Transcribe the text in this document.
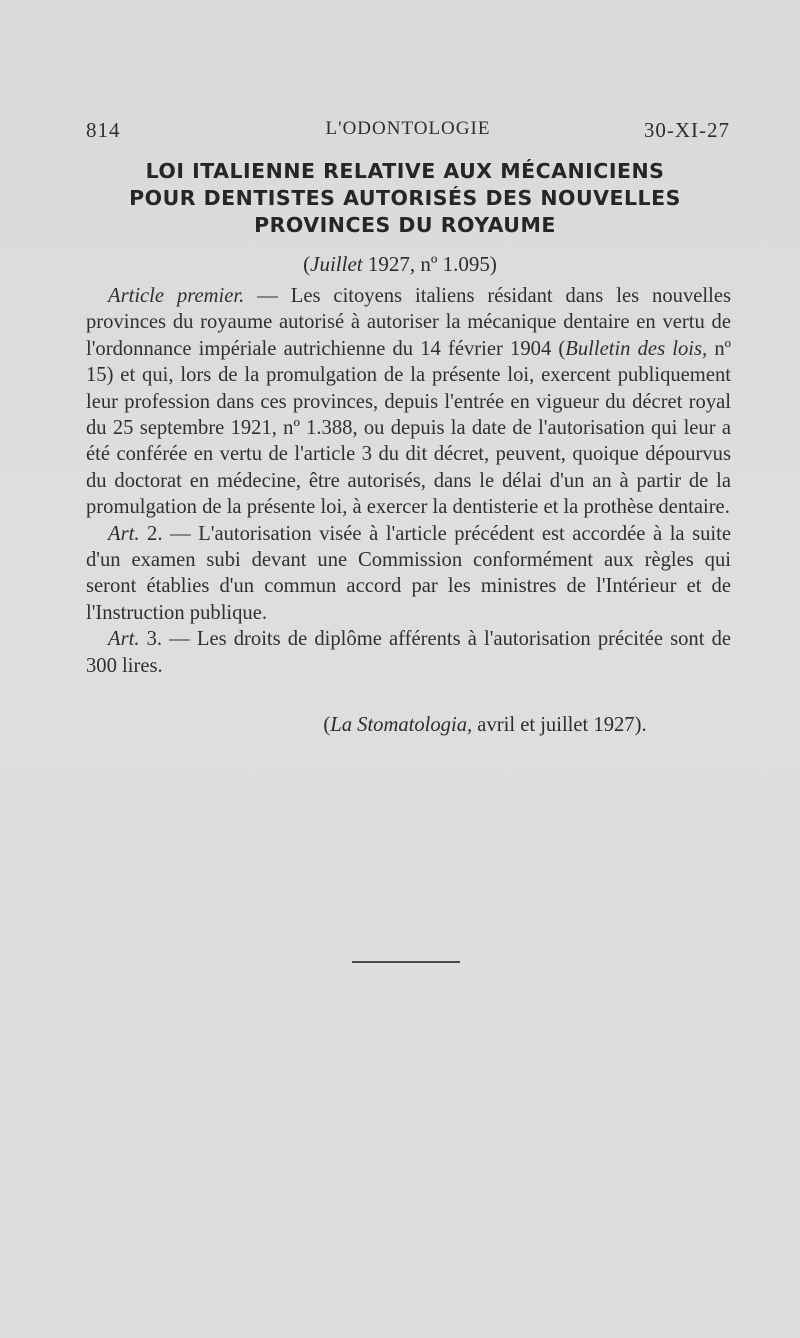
814	L'ODONTOLOGIE	30-XI-27
LOI ITALIENNE RELATIVE AUX MÉCANICIENS
POUR DENTISTES AUTORISÉS DES NOUVELLES
PROVINCES DU ROYAUME
(Juillet 1927, nº 1.095)

Article premier. — Les citoyens italiens résidant dans les nouvelles provinces du royaume autorisé à autoriser la mécanique dentaire en vertu de l'ordonnance impériale autrichienne du 14 février 1904 (Bulletin des lois, nº 15) et qui, lors de la promulgation de la présente loi, exercent publiquement leur profession dans ces provinces, depuis l'entrée en vigueur du décret royal du 25 septembre 1921, nº 1.388, ou depuis la date de l'autorisation qui leur a été conférée en vertu de l'article 3 du dit décret, peuvent, quoique dépourvus du doctorat en médecine, être autorisés, dans le délai d'un an à partir de la promulgation de la présente loi, à exercer la dentisterie et la prothèse dentaire.

Art. 2. — L'autorisation visée à l'article précédent est accordée à la suite d'un examen subi devant une Commission conformément aux règles qui seront établies d'un commun accord par les ministres de l'Intérieur et de l'Instruction publique.

Art. 3. — Les droits de diplôme afférents à l'autorisation précitée sont de 300 lires.

(La Stomatologia, avril et juillet 1927).
